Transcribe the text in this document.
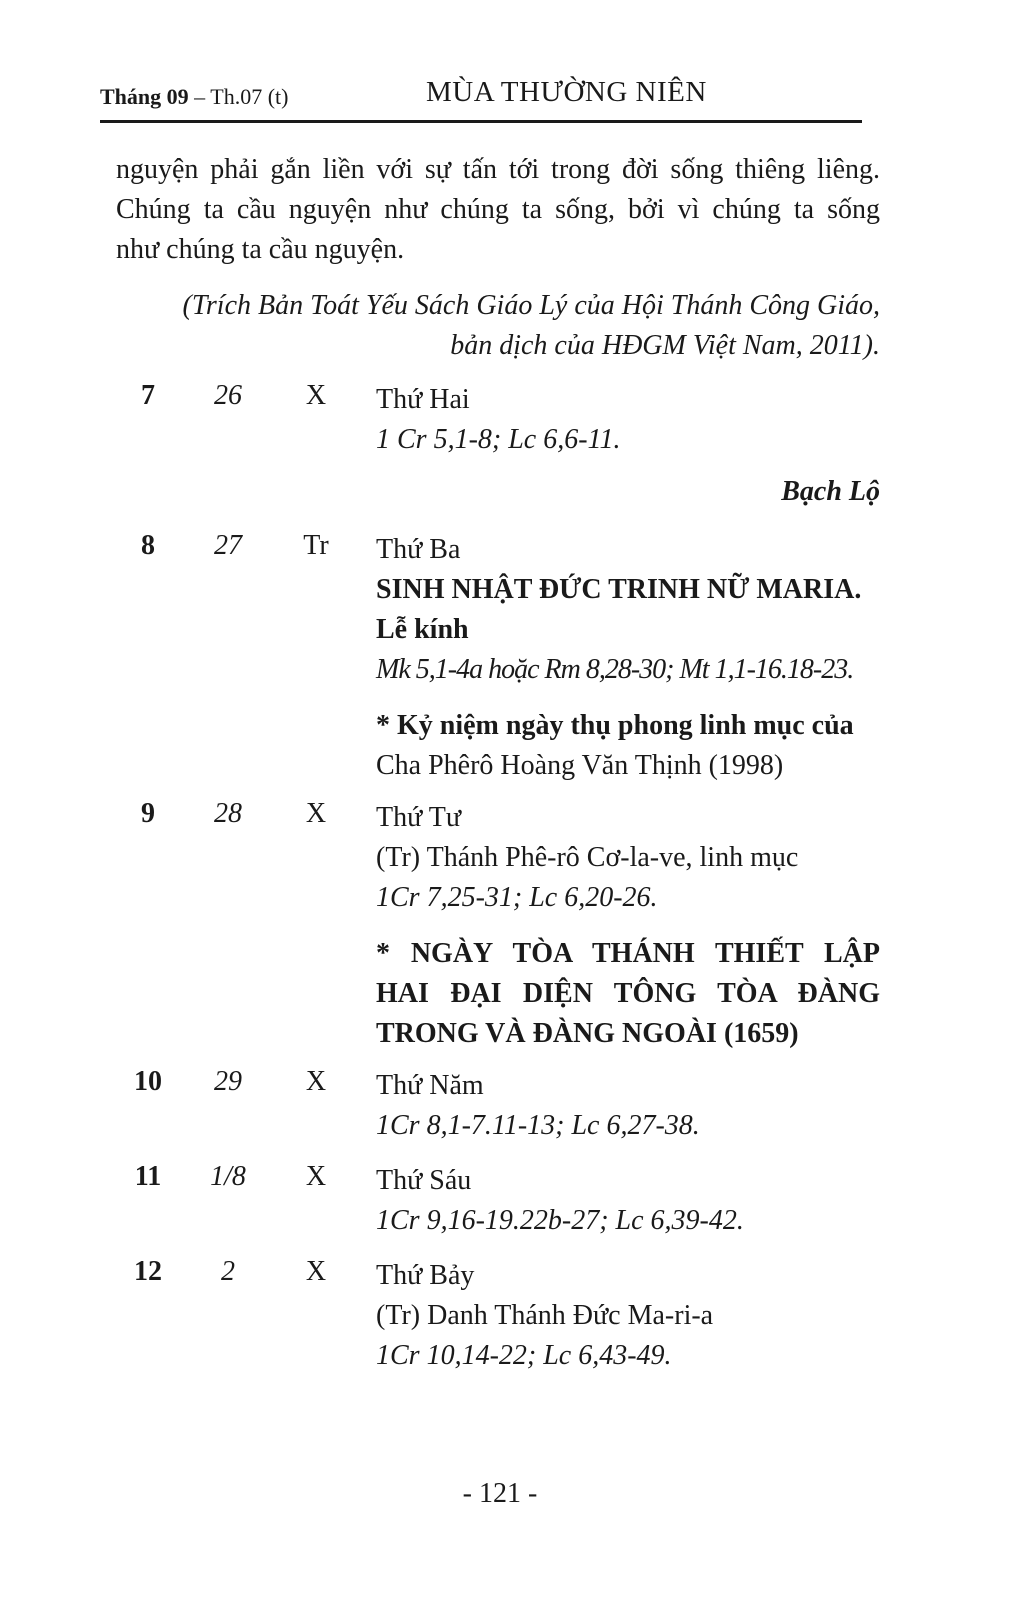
Tháng 09 – Th.07 (t)	MÙA THƯỜNG NIÊN
nguyện phải gắn liền với sự tấn tới trong đời sống thiêng liêng.
Chúng ta cầu nguyện như chúng ta sống, bởi vì chúng ta sống
như chúng ta cầu nguyện.
(Trích Bản Toát Yếu Sách Giáo Lý của Hội Thánh Công Giáo,
bản dịch của HĐGM Việt Nam, 2011).
7	26	X	Thứ Hai
1 Cr 5,1-8; Lc 6,6-11.
Bạch Lộ
8	27	Tr	Thứ Ba
SINH NHẬT ĐỨC TRINH NỮ MARIA.
Lễ kính
Mk 5,1-4a hoặc Rm 8,28-30; Mt 1,1-16.18-23.
* Kỷ niệm ngày thụ phong linh mục của
Cha Phêrô Hoàng Văn Thịnh (1998)
9	28	X	Thứ Tư
(Tr) Thánh Phê-rô Cơ-la-ve, linh mục
1Cr 7,25-31; Lc 6,20-26.
* NGÀY TÒA THÁNH THIẾT LẬP
HAI ĐẠI DIỆN TÔNG TÒA ĐÀNG
TRONG VÀ ĐÀNG NGOÀI (1659)
10	29	X	Thứ Năm
1Cr 8,1-7.11-13; Lc 6,27-38.
11	1/8	X	Thứ Sáu
1Cr 9,16-19.22b-27; Lc 6,39-42.
12	2	X	Thứ Bảy
(Tr) Danh Thánh Đức Ma-ri-a
1Cr 10,14-22; Lc 6,43-49.
- 121 -
